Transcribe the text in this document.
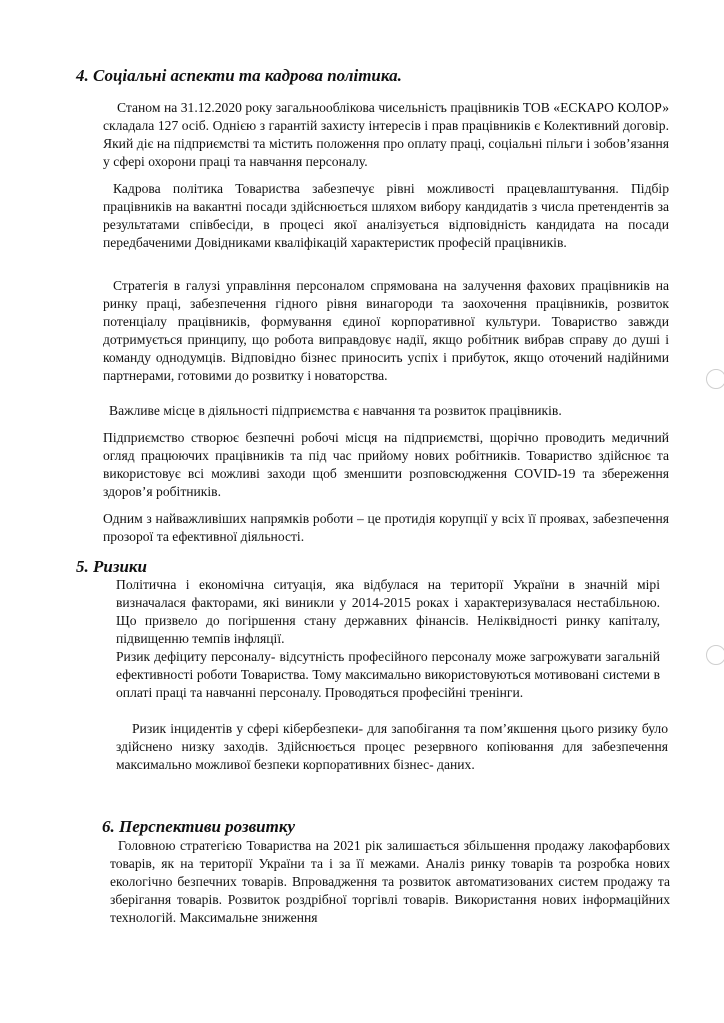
4. Соціальні аспекти та кадрова політика.

Станом на 31.12.2020 року загальнооблікова чисельність працівників ТОВ «ЕСКАРО КОЛОР» складала 127 осіб. Однією з гарантій захисту інтересів і прав працівників є Колективний договір. Який діє на підприємстві та містить положення про оплату праці, соціальні пільги і зобов’язання у сфері охорони праці та навчання персоналу.

Кадрова політика Товариства забезпечує рівні можливості працевлаштування. Підбір працівників на вакантні посади здійснюється шляхом вибору кандидатів з числа претендентів за результатами співбесіди, в процесі якої аналізується відповідність кандидата на посади передбаченими Довідниками кваліфікацій характеристик професій працівників.

Стратегія в галузі управління персоналом спрямована на залучення фахових працівників на ринку праці, забезпечення гідного рівня винагороди та заохочення працівників, розвиток потенціалу працівників, формування єдиної корпоративної культури. Товариство завжди дотримується принципу, що робота виправдовує надії, якщо робітник вибрав справу до душі і команду однодумців. Відповідно бізнес приносить успіх і прибуток, якщо оточений надійними партнерами, готовими до розвитку і новаторства.

Важливе місце в діяльності підприємства є навчання та розвиток працівників.

Підприємство створює безпечні робочі місця на підприємстві, щорічно проводить медичний огляд працюючих працівників та під час прийому нових робітників. Товариство здійснює та використовує всі можливі заходи щоб зменшити розповсюдження COVID-19 та збереження здоров’я робітників.

Одним з найважливіших напрямків роботи – це протидія корупції у всіх її проявах, забезпечення прозорої та ефективної діяльності.

5. Ризики

Політична і економічна ситуація, яка відбулася на території України в значній мірі визначалася факторами, які виникли у 2014-2015 роках і характеризувалася нестабільною. Що призвело до погіршення стану державних фінансів. Неліквідності ринку капіталу, підвищенню темпів інфляції.

Ризик дефіциту персоналу- відсутність професійного персоналу може загрожувати загальній ефективності роботи Товариства. Тому максимально використовуються мотивовані системи в оплаті праці та навчанні персоналу. Проводяться професійні тренінги.

Ризик інцидентів у сфері кібербезпеки- для запобігання та пом’якшення цього ризику було здійснено низку заходів. Здійснюється процес резервного копіювання для забезпечення максимально можливої безпеки корпоративних бізнес- даних.

6. Перспективи розвитку

Головною стратегією Товариства на 2021 рік залишається збільшення продажу лакофарбових товарів, як на території України та і за її межами. Аналіз ринку товарів та розробка нових екологічно безпечних товарів. Впровадження та розвиток автоматизованих систем продажу та зберігання товарів. Розвиток роздрібної торгівлі товарів. Використання нових інформаційних технологій. Максимальне зниження
